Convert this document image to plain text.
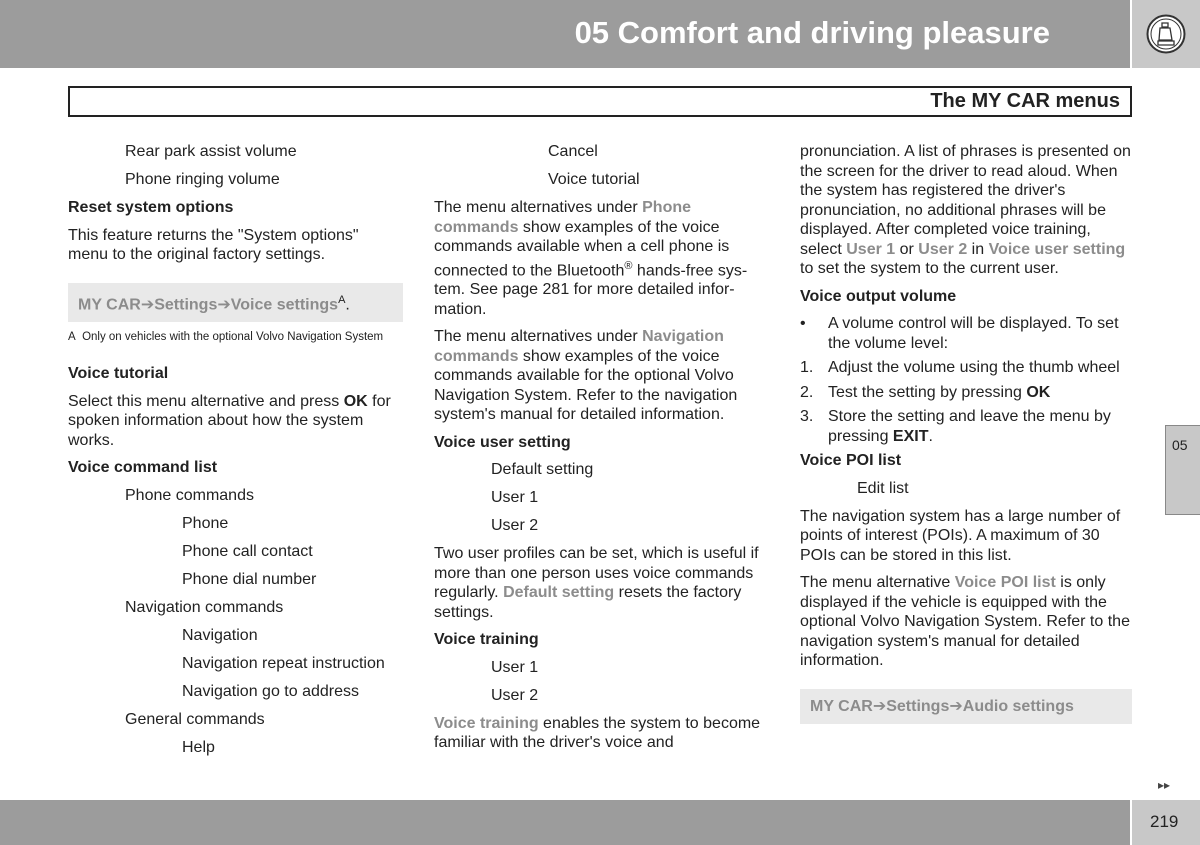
05 Comfort and driving pleasure
The MY CAR menus

Rear park assist volume

Phone ringing volume

Reset system options

This feature returns the "System options" menu to the original factory settings.

MY CAR➔Settings➔Voice settings$^A$.
A Only on vehicles with the optional Volvo Navigation System
Voice tutorial

Select this menu alternative and press OK for spoken information about how the system works.

Voice command list

Phone commands

Phone

Phone call contact

Phone dial number

Navigation commands

Navigation

Navigation repeat instruction

Navigation go to address

General commands

Help

Cancel

Voice tutorial

The menu alternatives under Phone commands show examples of the voice commands available when a cell phone is connected to the Bluetooth® hands-free system. See page 281 for more detailed information.

The menu alternatives under Navigation commands show examples of the voice commands available for the optional Volvo Navigation System. Refer to the navigation system's manual for detailed information.

Voice user setting

Default setting

User 1

User 2

Two user profiles can be set, which is useful if more than one person uses voice commands regularly. Default setting resets the factory settings.

Voice training

User 1

User 2

Voice training enables the system to become familiar with the driver's voice and

pronunciation. A list of phrases is presented on the screen for the driver to read aloud. When the system has registered the driver's pronunciation, no additional phrases will be displayed. After completed voice training, select User 1 or User 2 in Voice user setting to set the system to the current user.

Voice output volume
• A volume control will be displayed. To set the volume level:
1. Adjust the volume using the thumb wheel
2. Test the setting by pressing OK
3. Store the setting and leave the menu by pressing EXIT.
Voice POI list

Edit list

The navigation system has a large number of points of interest (POIs). A maximum of 30 POIs can be stored in this list.

The menu alternative Voice POI list is only displayed if the vehicle is equipped with the optional Volvo Navigation System. Refer to the navigation system's manual for detailed information.

MY CAR➔Settings➔Audio settings
05
▸▸
219
